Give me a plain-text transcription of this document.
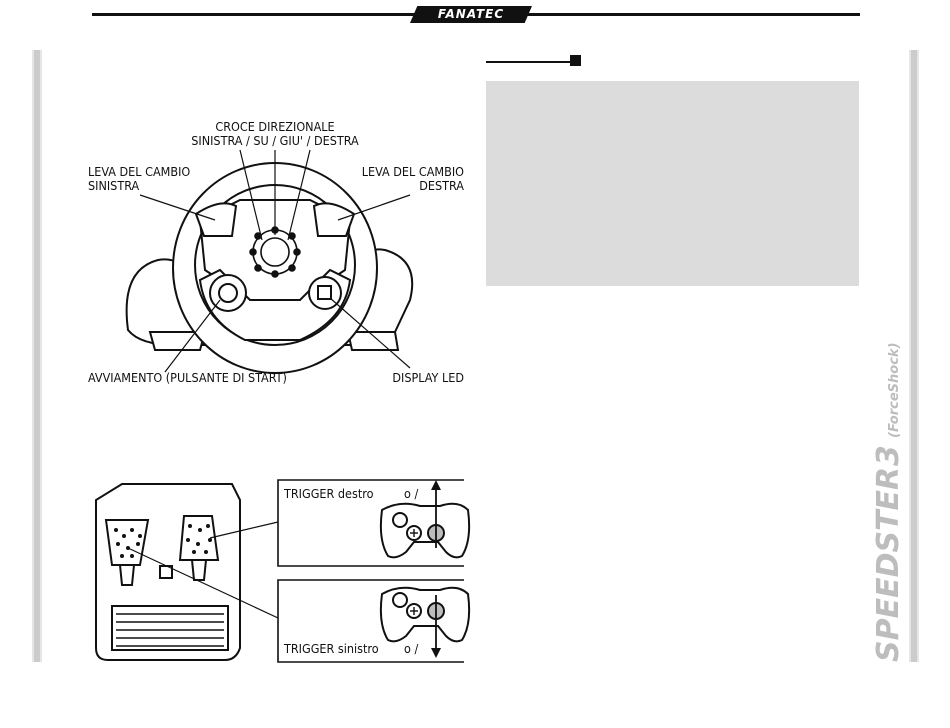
FANATEC
CROCE DIREZIONALE
SINISTRA / SU / GIU' / DESTRA
LEVA DEL CAMBIO
SINISTRA
LEVA DEL CAMBIO
DESTRA
AVVIAMENTO (PULSANTE DI START)	DISPLAY LED
TRIGGER destro o /
TRIGGER sinistro o /	SPEEDSTER
3
(ForceShock)
